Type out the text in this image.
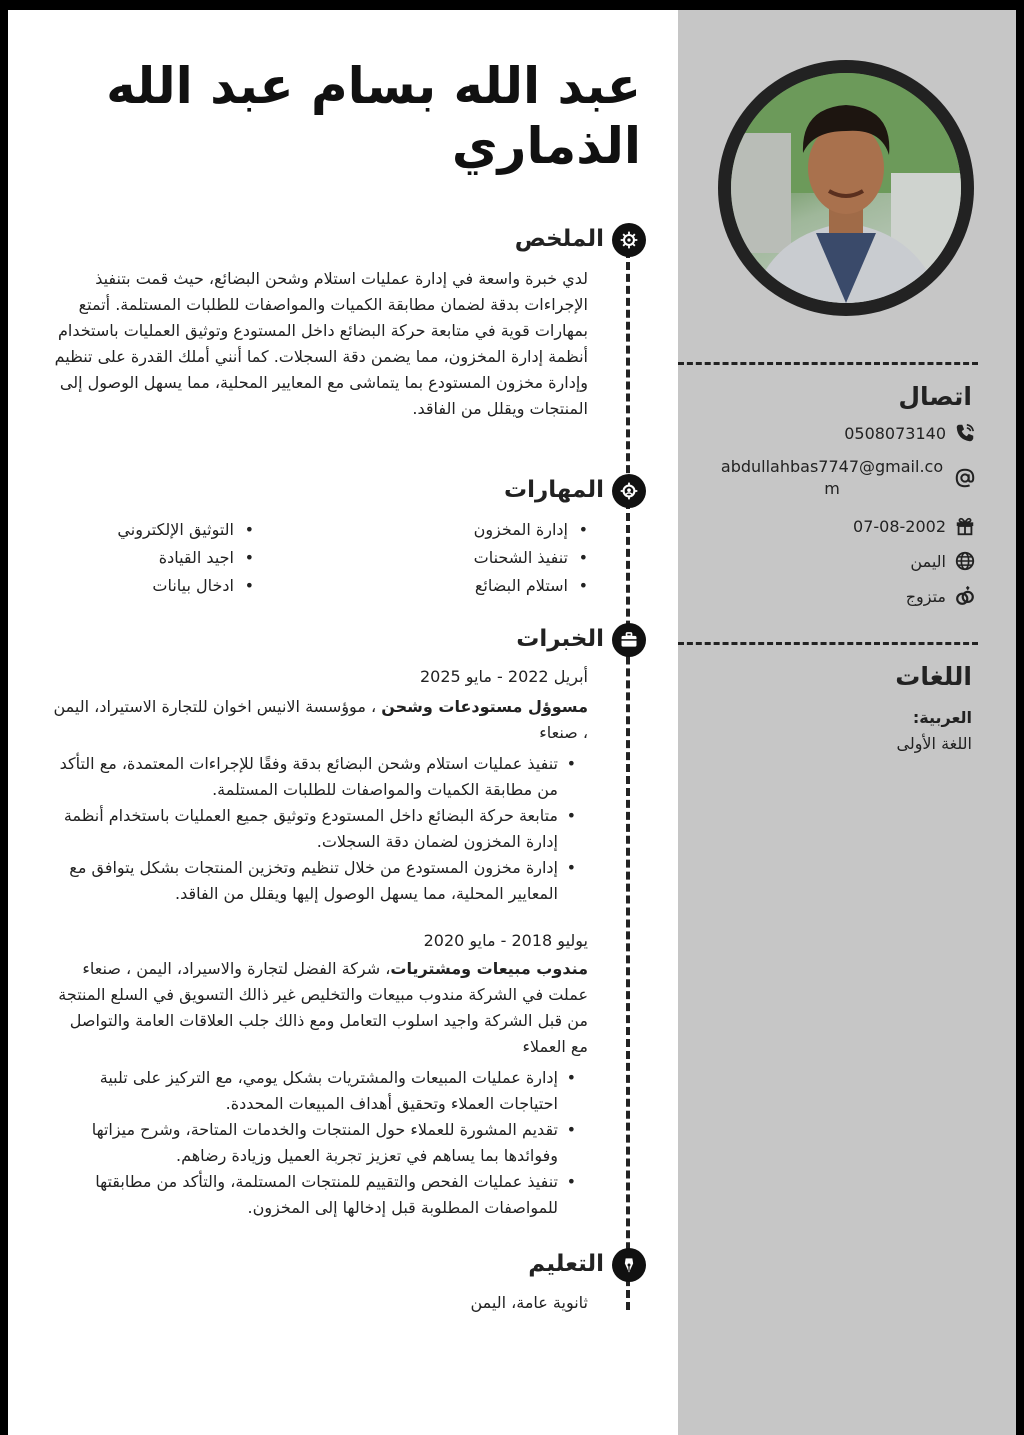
اتصال
0508073140
abdullahbas7747@gmail.com
07-08-2002
اليمن
متزوج
اللغات
العربية:
اللغة الأولى
عبد الله بسام عبد الله الذماري
الملخص
لدي خبرة واسعة في إدارة عمليات استلام وشحن البضائع، حيث قمت بتنفيذ الإجراءات بدقة لضمان مطابقة الكميات والمواصفات للطلبات المستلمة. أتمتع بمهارات قوية في متابعة حركة البضائع داخل المستودع وتوثيق العمليات باستخدام أنظمة إدارة المخزون، مما يضمن دقة السجلات. كما أنني أملك القدرة على تنظيم وإدارة مخزون المستودع بما يتماشى مع المعايير المحلية، مما يسهل الوصول إلى المنتجات ويقلل من الفاقد.
المهارات
• إدارة المخزون
• تنفيذ الشحنات
• استلام البضائع
• التوثيق الإلكتروني
• اجيد القيادة
• ادخال بيانات
الخبرات
أبريل 2022 - مايو 2025
مسوؤل مستودعات وشحن ، موؤسسة الانيس اخوان للتجارة الاستيراد، اليمن ، صنعاء
• تنفيذ عمليات استلام وشحن البضائع بدقة وفقًا للإجراءات المعتمدة، مع التأكد من مطابقة الكميات والمواصفات للطلبات المستلمة.
• متابعة حركة البضائع داخل المستودع وتوثيق جميع العمليات باستخدام أنظمة إدارة المخزون لضمان دقة السجلات.
• إدارة مخزون المستودع من خلال تنظيم وتخزين المنتجات بشكل يتوافق مع المعايير المحلية، مما يسهل الوصول إليها ويقلل من الفاقد.
يوليو 2018 - مايو 2020
مندوب مبيعات ومشتريات، شركة الفضل لتجارة والاسيراد، اليمن ، صنعاء
عملت في الشركة مندوب مبيعات والتخليص غير ذالك التسويق في السلع المنتجة من قبل الشركة واجيد اسلوب التعامل ومع ذالك جلب العلاقات العامة والتواصل مع العملاء
• إدارة عمليات المبيعات والمشتريات بشكل يومي، مع التركيز على تلبية احتياجات العملاء وتحقيق أهداف المبيعات المحددة.
• تقديم المشورة للعملاء حول المنتجات والخدمات المتاحة، وشرح ميزاتها وفوائدها بما يساهم في تعزيز تجربة العميل وزيادة رضاهم.
• تنفيذ عمليات الفحص والتقييم للمنتجات المستلمة، والتأكد من مطابقتها للمواصفات المطلوبة قبل إدخالها إلى المخزون.
التعليم
ثانوية عامة، اليمن
